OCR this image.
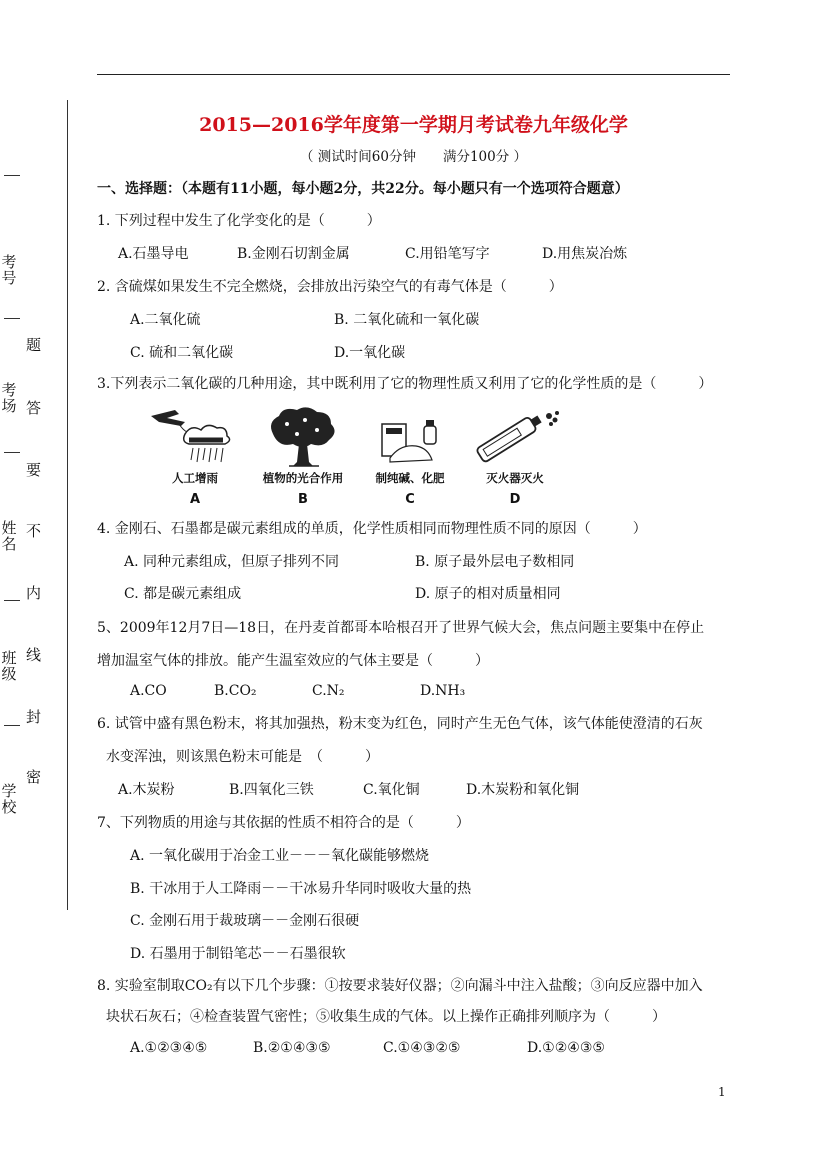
考号
考场
姓名
班级
学校
题
答
要
不
内
线
封
密
2015—2016学年度第一学期月考试卷九年级化学
（ 测试时间60分钟　　满分100分 ）
一、选择题：（本题有11小题，每小题2分，共22分。每小题只有一个选项符合题意）
1. 下列过程中发生了化学变化的是（　　　）
A.石墨导电	B.金刚石切割金属	C.用铅笔写字	D.用焦炭冶炼
2. 含硫煤如果发生不完全燃烧，会排放出污染空气的有毒气体是（　　　）
A.二氧化硫	B. 二氧化硫和一氧化碳
C. 硫和二氧化碳	D.一氧化碳
3.下列表示二氧化碳的几种用途，其中既利用了它的物理性质又利用了它的化学性质的是（　　　）
人工增雨
A
植物的光合作用
B
制纯碱、化肥
C
灭火器灭火
D
4. 金刚石、石墨都是碳元素组成的单质，化学性质相同而物理性质不同的原因（　　　）
A. 同种元素组成，但原子排列不同	B. 原子最外层电子数相同
C. 都是碳元素组成	D. 原子的相对质量相同
5、2009年12月7日—18日，在丹麦首都哥本哈根召开了世界气候大会，焦点问题主要集中在停止
增加温室气体的排放。能产生温室效应的气体主要是（　　　）
A.CO	B.CO₂	C.N₂	D.NH₃
6. 试管中盛有黑色粉末，将其加强热，粉末变为红色，同时产生无色气体，该气体能使澄清的石灰
水变浑浊，则该黑色粉末可能是　（　　　）
A.木炭粉	B.四氧化三铁	C.氧化铜	D.木炭粉和氧化铜
7、下列物质的用途与其依据的性质不相符合的是（　　　）
A. 一氧化碳用于冶金工业－－－氧化碳能够燃烧
B. 干冰用于人工降雨－－干冰易升华同时吸收大量的热
C. 金刚石用于裁玻璃－－金刚石很硬
D. 石墨用于制铅笔芯－－石墨很软
8. 实验室制取CO₂有以下几个步骤：①按要求装好仪器；②向漏斗中注入盐酸；③向反应器中加入
块状石灰石；④检查装置气密性；⑤收集生成的气体。以上操作正确排列顺序为（　　　）
A.①②③④⑤	B.②①④③⑤	C.①④③②⑤	D.①②④③⑤
1
